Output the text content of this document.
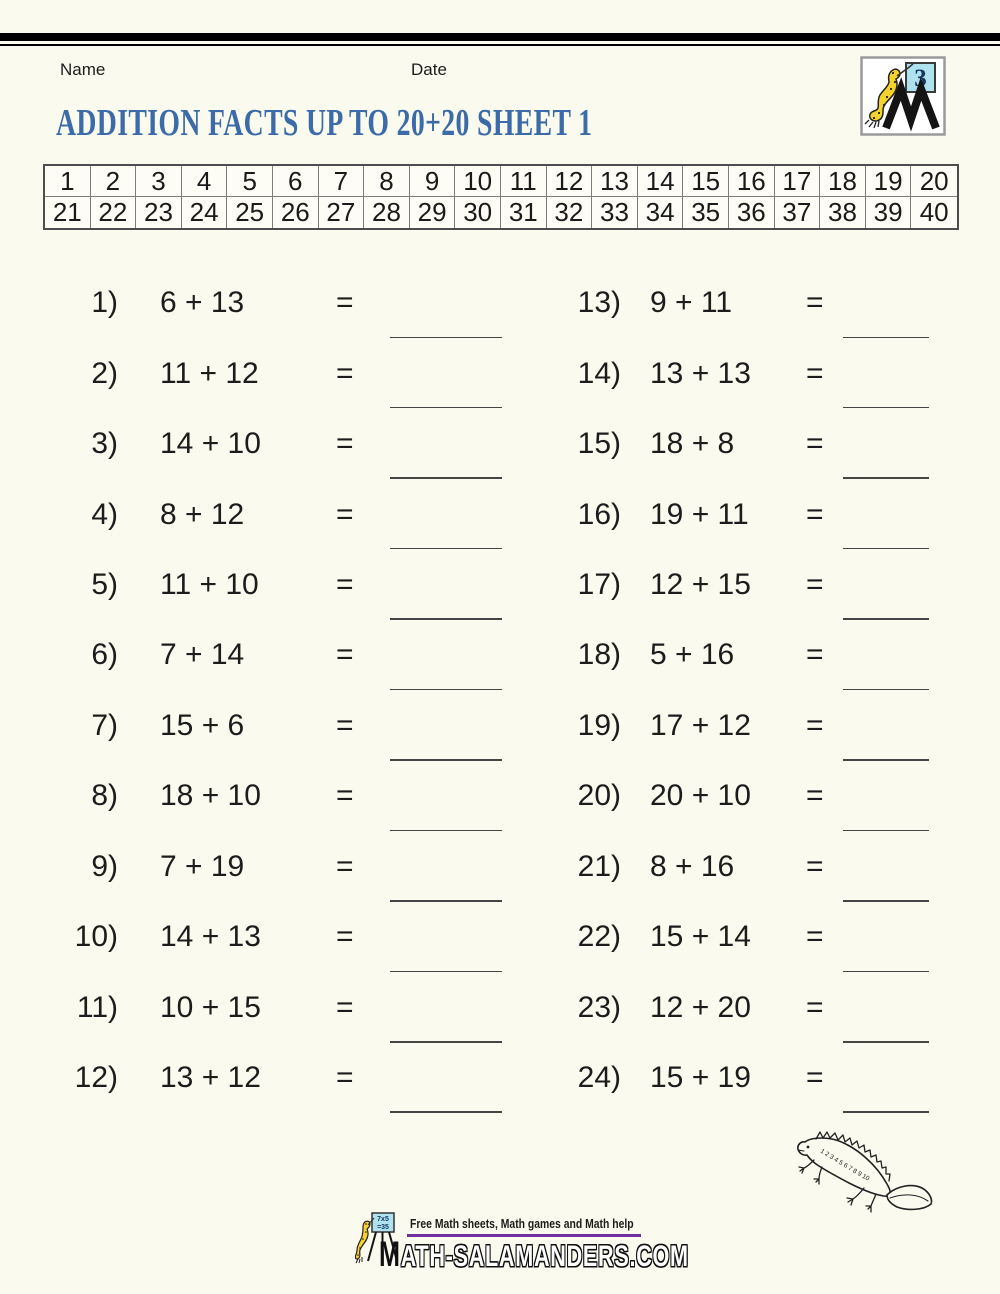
Name	Date	3
ADDITION FACTS UP TO 20+20 SHEET 1
1	2	3	4	5	6	7	8	9 10 11 12 13 14 15 16 17 18 19 20
21 22 23 24 25 26 27 28 29 30 31 32 33 34 35 36 37 38 39 40
1) 6 + 13	=
2) 11 + 12	=
3) 14 + 10	=
4) 8 + 12	=
5) 11 + 10	=
6) 7 + 14	=
7) 15 + 6	=
8) 18 + 10	=
9) 7 + 19	=
10) 14 + 13	=
11) 10 + 15	=
12) 13 + 12	=
13) 9 + 11 =
14) 13 + 13 =
15) 18 + 8 =
16) 19 + 11 =
17) 12 + 15 =
18) 5 + 16 =
19) 17 + 12 =
20) 20 + 10 =
21) 8 + 16 =
22) 15 + 14 =
23) 12 + 20 =
24) 15 + 19 =
1 2 3 4 5 6 7 8 9 10
7x5
=35 Free Math sheets, Math games and Math help
M ATH-SALAMANDERS.COM
